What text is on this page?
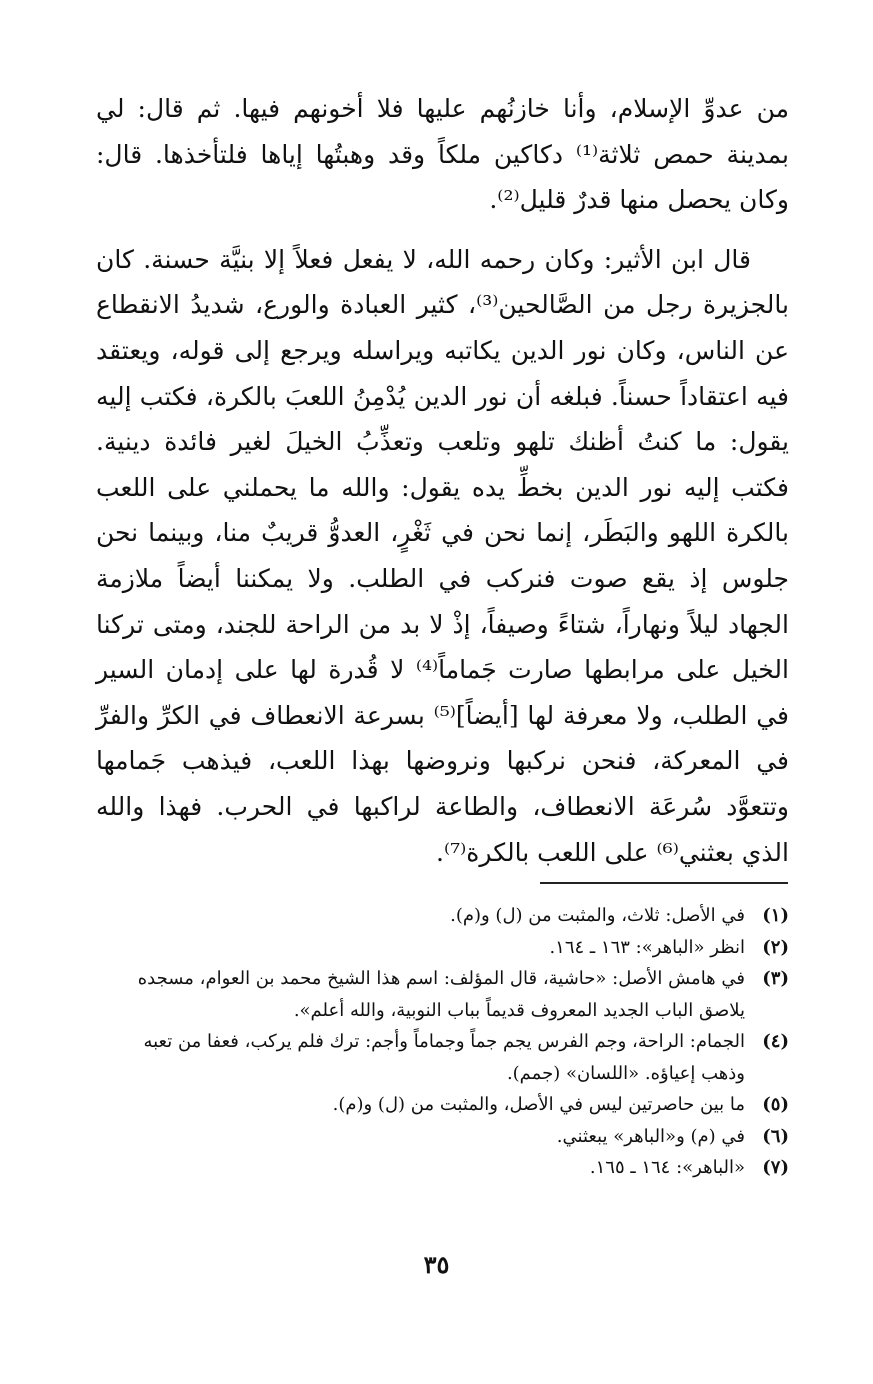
من عدوِّ الإسلام، وأنا خازنُهم عليها فلا أخونهم فيها. ثم قال: لي بمدينة حمص ثلاثة⁽¹⁾ دكاكين ملكاً وقد وهبتُها إياها فلتأخذها. قال: وكان يحصل منها قدرٌ قليل⁽²⁾.

قال ابن الأثير: وكان رحمه الله، لا يفعل فعلاً إلا بنيَّة حسنة. كان بالجزيرة رجل من الصَّالحين⁽³⁾، كثير العبادة والورع، شديدُ الانقطاع عن الناس، وكان نور الدين يكاتبه ويراسله ويرجع إلى قوله، ويعتقد فيه اعتقاداً حسناً. فبلغه أن نور الدين يُدْمِنُ اللعبَ بالكرة، فكتب إليه يقول: ما كنتُ أظنك تلهو وتلعب وتعذِّبُ الخيلَ لغير فائدة دينية. فكتب إليه نور الدين بخطِّ يده يقول: والله ما يحملني على اللعب بالكرة اللهو والبَطَر، إنما نحن في ثَغْرٍ، العدوُّ قريبٌ منا، وبينما نحن جلوس إذ يقع صوت فنركب في الطلب. ولا يمكننا أيضاً ملازمة الجهاد ليلاً ونهاراً، شتاءً وصيفاً، إذْ لا بد من الراحة للجند، ومتى تركنا الخيل على مرابطها صارت جَماماً⁽⁴⁾ لا قُدرة لها على إدمان السير في الطلب، ولا معرفة لها [أيضاً]⁽⁵⁾ بسرعة الانعطاف في الكرِّ والفرِّ في المعركة، فنحن نركبها ونروضها بهذا اللعب، فيذهب جَمامها وتتعوَّد سُرعَة الانعطاف، والطاعة لراكبها في الحرب. فهذا والله الذي بعثني⁽⁶⁾ على اللعب بالكرة⁽⁷⁾.

(١)
في الأصل: ثلاث، والمثبت من (ل) و(م).
(٢)
انظر «الباهر»: ١٦٣ ـ ١٦٤.
(٣)
في هامش الأصل: «حاشية، قال المؤلف: اسم هذا الشيخ محمد بن العوام، مسجده يلاصق الباب الجديد المعروف قديماً بباب النوبية، والله أعلم».
(٤)
الجمام: الراحة، وجم الفرس يجم جماً وجماماً وأجم: ترك فلم يركب، فعفا من تعبه وذهب إعياؤه. «اللسان» (جمم).
(٥)
ما بين حاصرتين ليس في الأصل، والمثبت من (ل) و(م).
(٦)
في (م) و«الباهر» يبعثني.
(٧)
«الباهر»: ١٦٤ ـ ١٦٥.
٣٥
